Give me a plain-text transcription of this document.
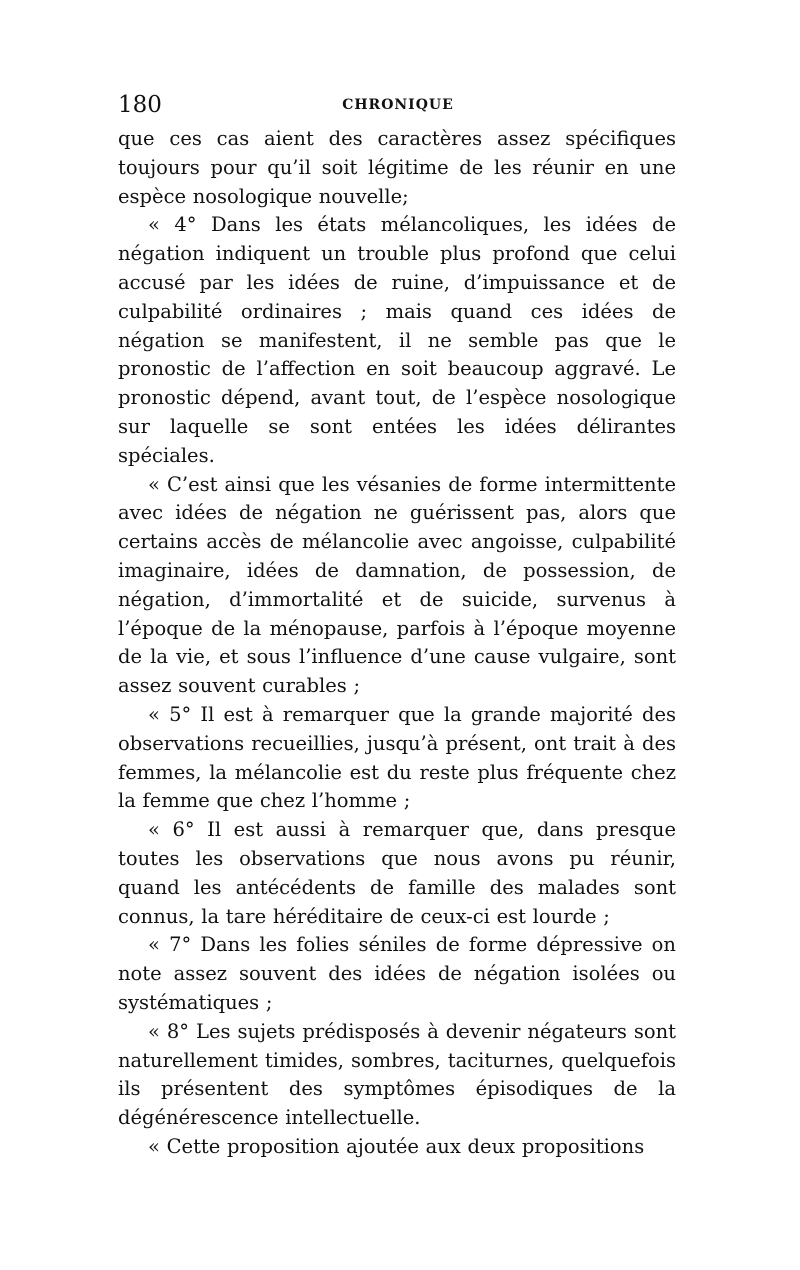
180	CHRONIQUE

que ces cas aient des caractères assez spécifiques toujours pour qu’il soit légitime de les réunir en une espèce nosologique nouvelle;

« 4° Dans les états mélancoliques, les idées de négation indiquent un trouble plus profond que celui accusé par les idées de ruine, d’impuissance et de culpabilité ordinaires ; mais quand ces idées de négation se manifestent, il ne semble pas que le pronostic de l’affection en soit beaucoup aggravé. Le pronostic dépend, avant tout, de l’espèce nosologique sur laquelle se sont entées les idées délirantes spéciales.

« C’est ainsi que les vésanies de forme intermittente avec idées de négation ne guérissent pas, alors que certains accès de mélancolie avec angoisse, culpabilité imaginaire, idées de damnation, de possession, de négation, d’immortalité et de suicide, survenus à l’époque de la ménopause, parfois à l’époque moyenne de la vie, et sous l’influence d’une cause vulgaire, sont assez souvent curables ;

« 5° Il est à remarquer que la grande majorité des observations recueillies, jusqu’à présent, ont trait à des femmes, la mélancolie est du reste plus fréquente chez la femme que chez l’homme ;

« 6° Il est aussi à remarquer que, dans presque toutes les observations que nous avons pu réunir, quand les antécédents de famille des malades sont connus, la tare héréditaire de ceux-ci est lourde ;

« 7° Dans les folies séniles de forme dépressive on note assez souvent des idées de négation isolées ou systématiques ;

« 8° Les sujets prédisposés à devenir négateurs sont naturellement timides, sombres, taciturnes, quelquefois ils présentent des symptômes épisodiques de la dégénérescence intellectuelle.

« Cette proposition ajoutée aux deux propositions
